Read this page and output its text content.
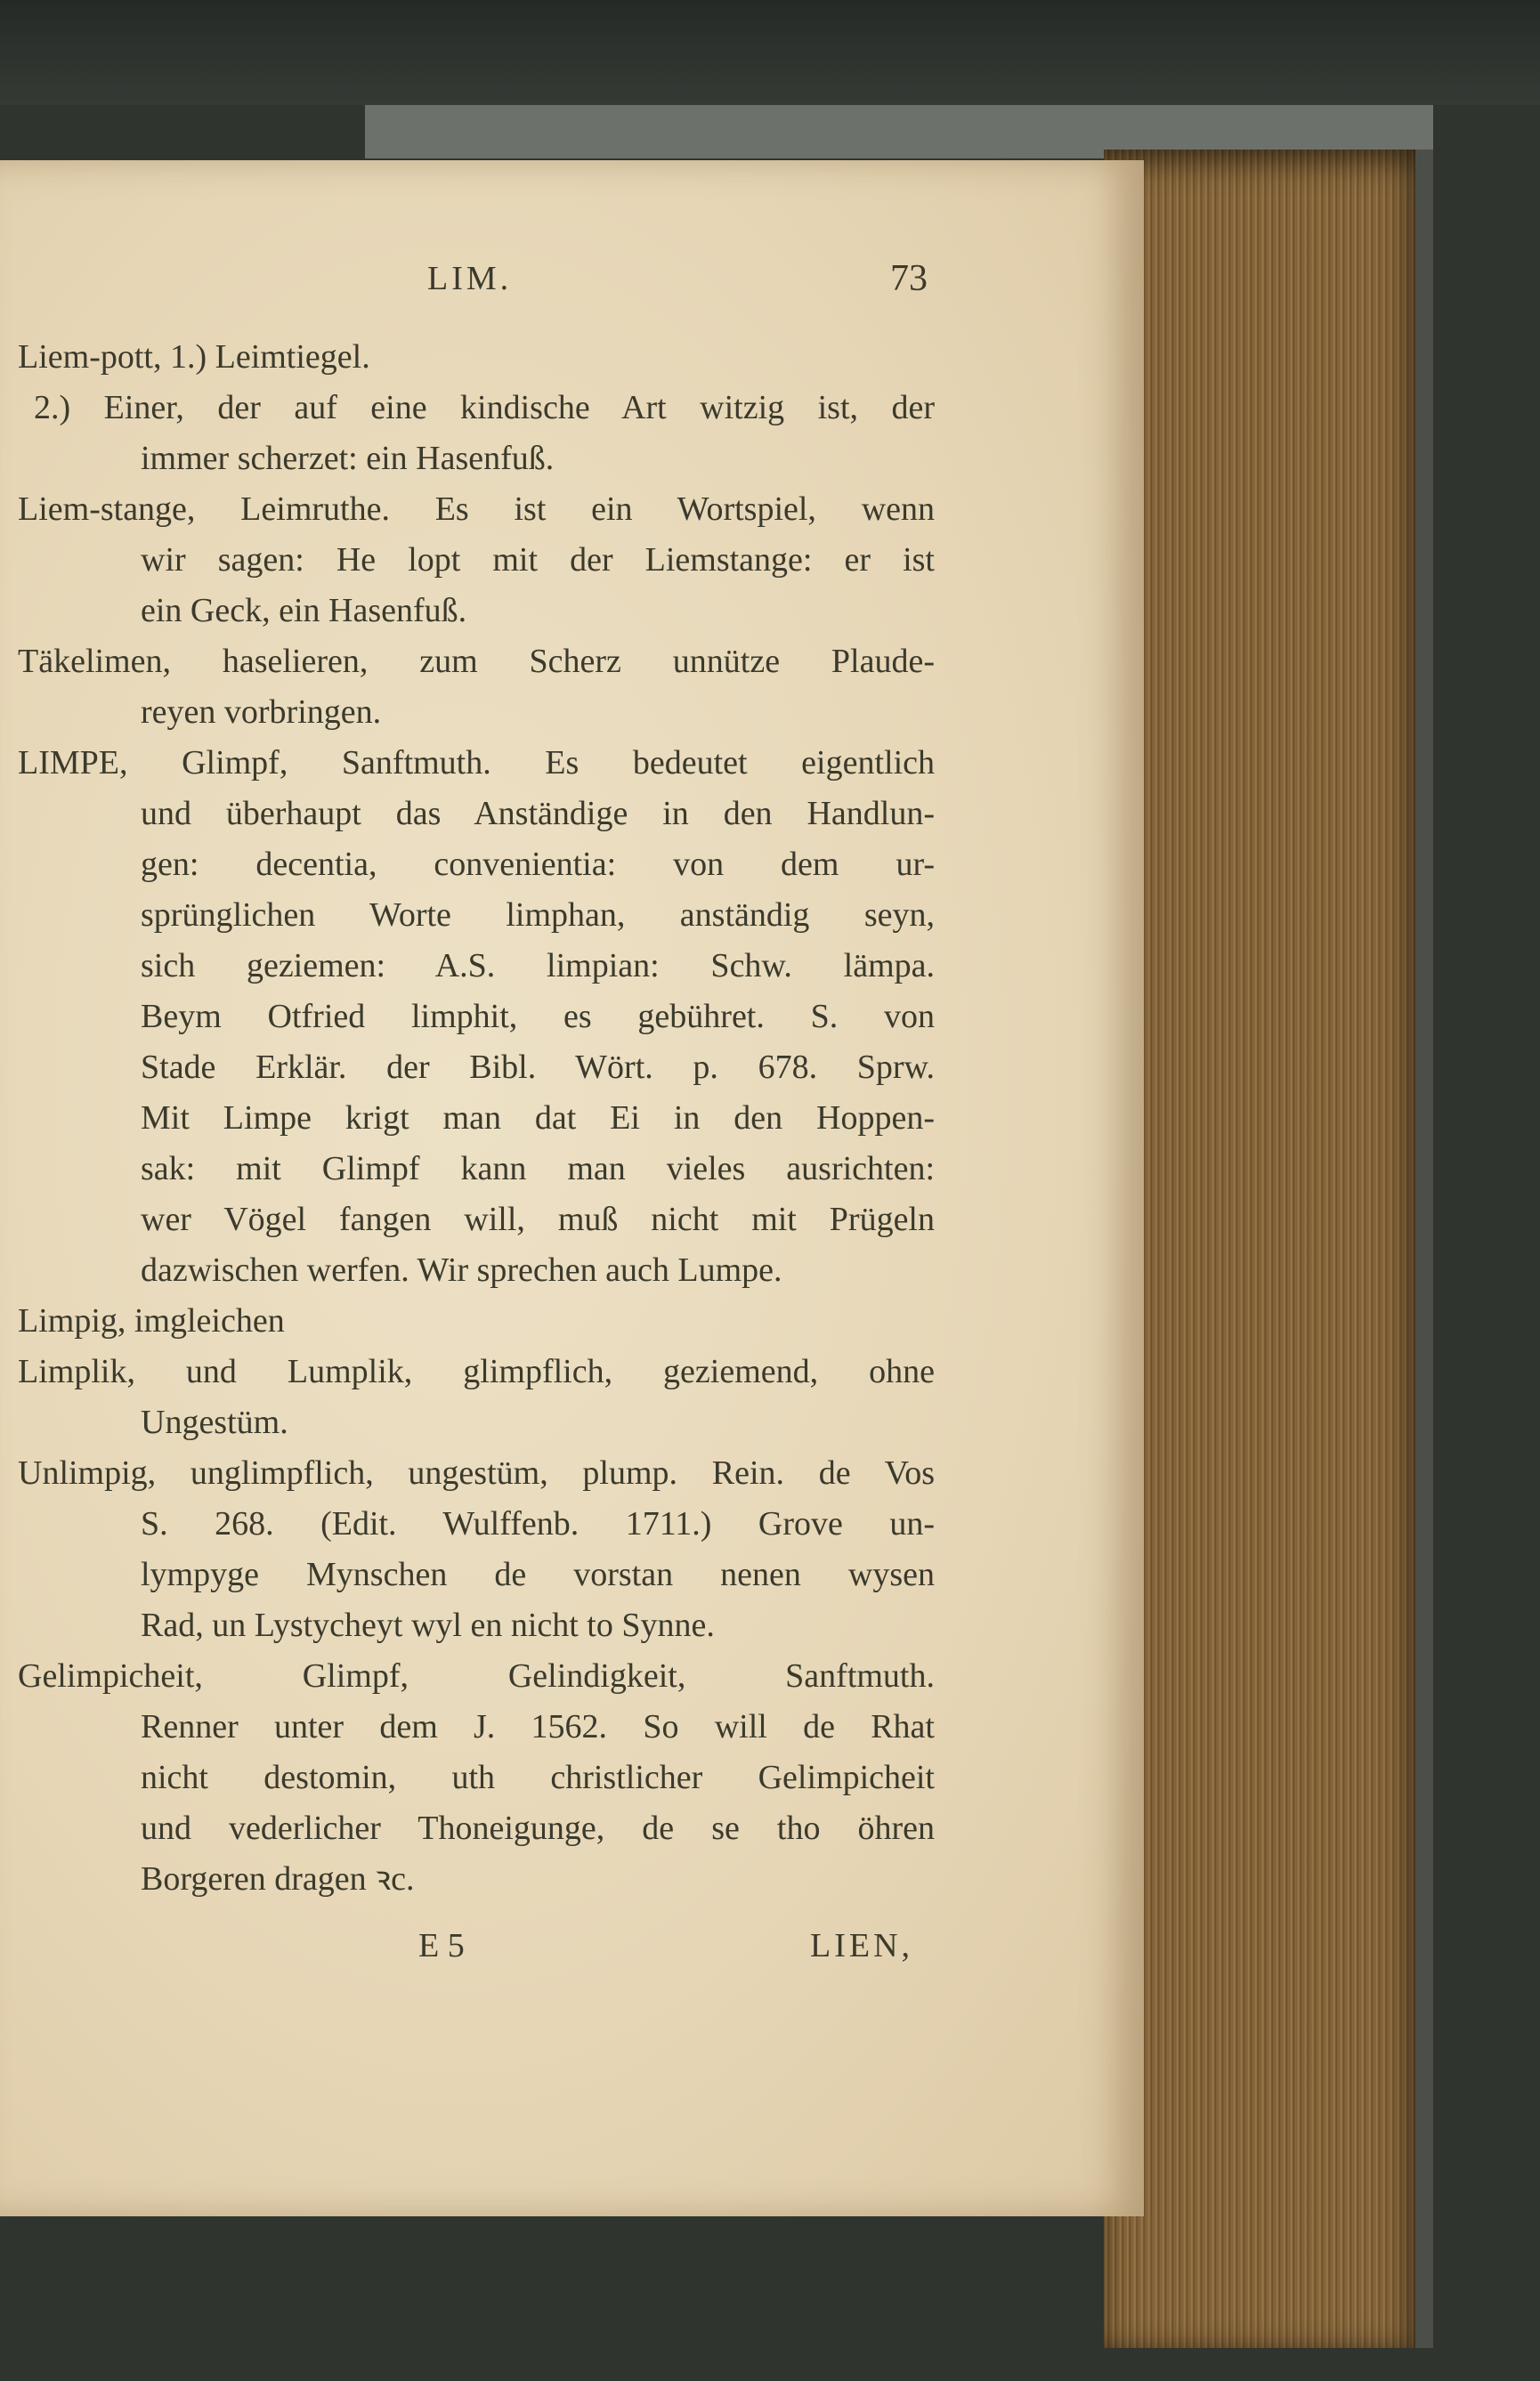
LIM.	73
Liem-pott, 1.) Leimtiegel.
2.) Einer, der auf eine kindische Art witzig ist, der
immer scherzet: ein Hasenfuß.
Liem-stange, Leimruthe. Es ist ein Wortspiel, wenn
wir sagen: He lopt mit der Liemstange: er ist
ein Geck, ein Hasenfuß.
Täkelimen, haselieren, zum Scherz unnütze Plaude-
reyen vorbringen.
LIMPE, Glimpf, Sanftmuth. Es bedeutet eigentlich
und überhaupt das Anständige in den Handlun-
gen: decentia, convenientia: von dem ur-
sprünglichen Worte limphan, anständig seyn,
sich geziemen: A.S. limpian: Schw. lämpa.
Beym Otfried limphit, es gebühret. S. von
Stade Erklär. der Bibl. Wört. p. 678. Sprw.
Mit Limpe krigt man dat Ei in den Hoppen-
sak: mit Glimpf kann man vieles ausrichten:
wer Vögel fangen will, muß nicht mit Prügeln
dazwischen werfen. Wir sprechen auch Lumpe.
Limpig, imgleichen
Limplik, und Lumplik, glimpflich, geziemend, ohne
Ungestüm.
Unlimpig, unglimpflich, ungestüm, plump. Rein. de Vos
S. 268. (Edit. Wulffenb. 1711.) Grove un-
lympyge Mynschen de vorstan nenen wysen
Rad, un Lystycheyt wyl en nicht to Synne.
Gelimpicheit, Glimpf, Gelindigkeit, Sanftmuth.
Renner unter dem J. 1562. So will de Rhat
nicht destomin, uth christlicher Gelimpicheit
und vederlicher Thoneigunge, de se tho öhren
Borgeren dragen ꝛc.
E 5	LIEN,
